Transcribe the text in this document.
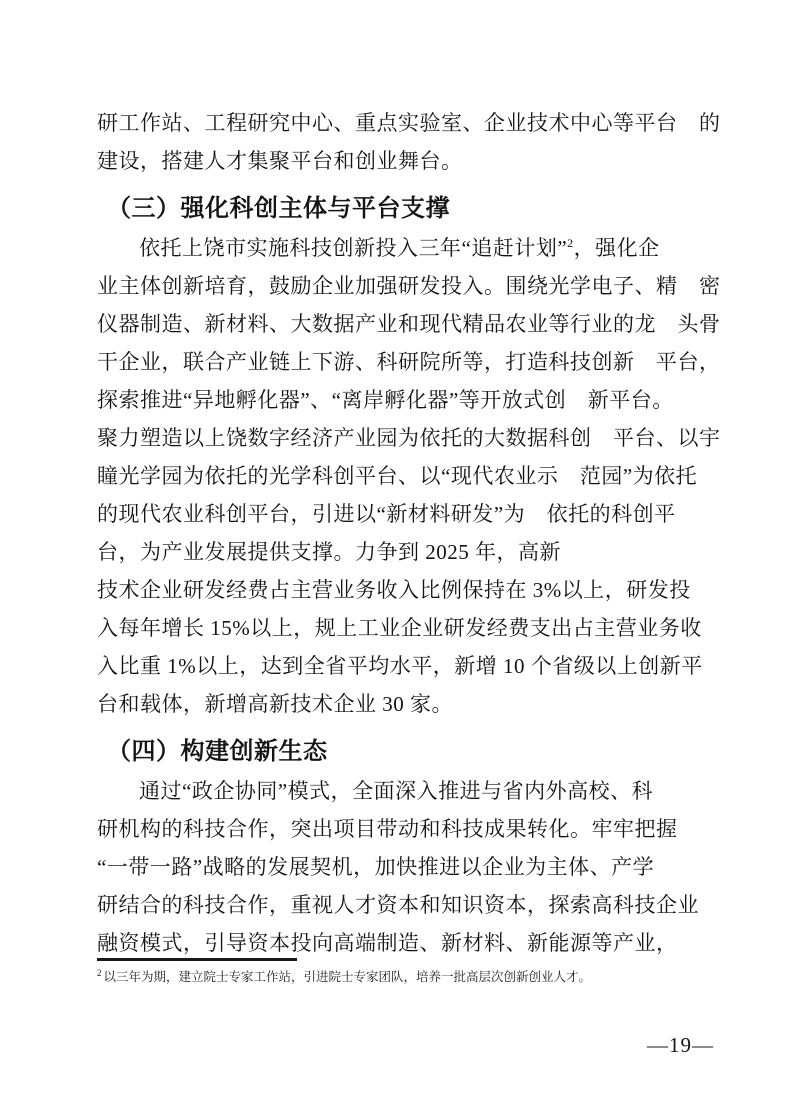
研工作站、工程研究中心、重点实验室、企业技术中心等平台　的
建设，搭建人才集聚平台和创业舞台。
（三）强化科创主体与平台支撑
依托上饶市实施科技创新投入三年“追赶计划”$^2$，强化企
业主体创新培育，鼓励企业加强研发投入。围绕光学电子、精　密
仪器制造、新材料、大数据产业和现代精品农业等行业的龙　头骨
干企业，联合产业链上下游、科研院所等，打造科技创新　平台，
探索推进“异地孵化器”、“离岸孵化器”等开放式创　新平台。
聚力塑造以上饶数字经济产业园为依托的大数据科创　平台、以宇
瞳光学园为依托的光学科创平台、以“现代农业示　范园”为依托
的现代农业科创平台，引进以“新材料研发”为　依托的科创平
台，为产业发展提供支撑。力争到 2025 年，高新
技术企业研发经费占主营业务收入比例保持在 3%以上，研发投
入每年增长 15%以上，规上工业企业研发经费支出占主营业务收
入比重 1%以上，达到全省平均水平，新增 10 个省级以上创新平
台和载体，新增高新技术企业 30 家。
（四）构建创新生态
通过“政企协同”模式，全面深入推进与省内外高校、科
研机构的科技合作，突出项目带动和科技成果转化。牢牢把握
“一带一路”战略的发展契机，加快推进以企业为主体、产学
研结合的科技合作，重视人才资本和知识资本，探索高科技企业
融资模式，引导资本投向高端制造、新材料、新能源等产业，
$^2$ 以三年为期，建立院士专家工作站，引进院士专家团队，培养一批高层次创新创业人才。
—19—
